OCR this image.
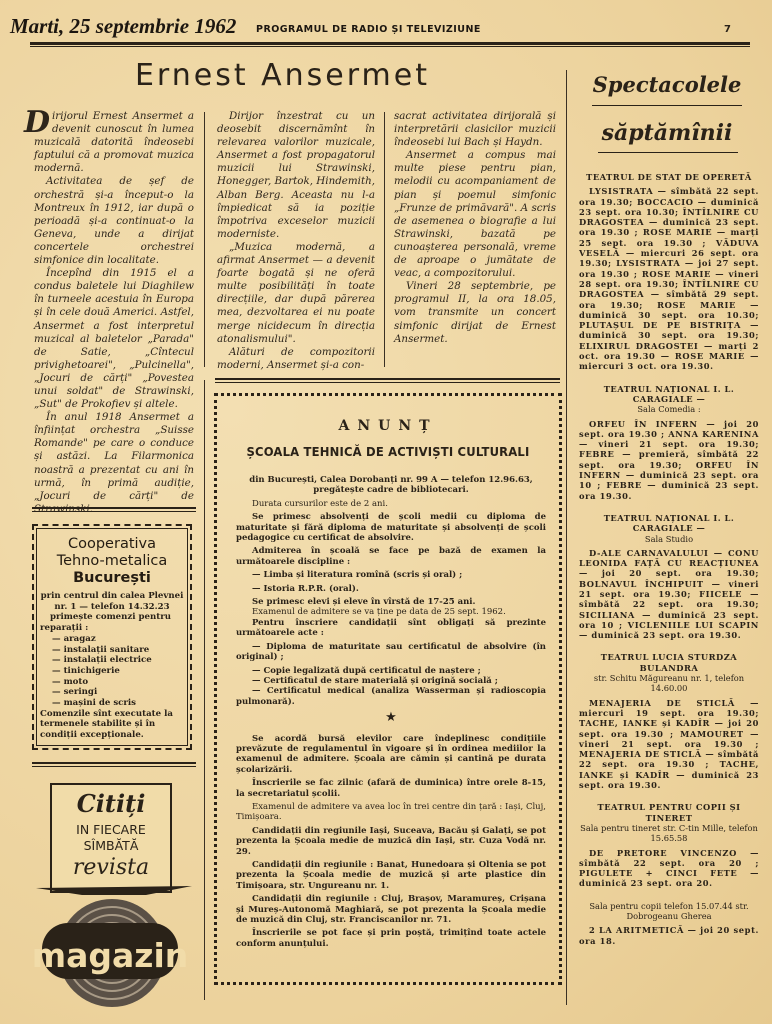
Marti, 25 septembrie 1962 PROGRAMUL DE RADIO ȘI TELEVIZIUNE	7
Ernest Ansermet

Dirijorul Ernest Ansermet a devenit cunoscut în lumea muzicală datorită îndeosebi faptului că a promovat muzica modernă.

Activitatea de șef de orchestră și-a început-o la Montreux în 1912, iar după o perioadă și-a continuat-o la Geneva, unde a dirijat concertele orchestrei simfonice din localitate.

Începînd din 1915 el a condus baletele lui Diaghilew în turneele acestuia în Europa și în cele două Americi. Astfel, Ansermet a fost interpretul muzical al baletelor „Parada" de Satie, „Cîntecul privighetoarei", „Pulcinella", „Jocuri de cărți" „Povestea unui soldat" de Strawinski, „Sut" de Prokofiev și altele.

În anul 1918 Ansermet a înființat orchestra „Suisse Romande" pe care o conduce și astăzi. La Filarmonica noastră a prezentat cu ani în urmă, în primă audiție, „Jocuri de cărți" de Strawinski.

Dirijor înzestrat cu un deosebit discernămînt în relevarea valorilor muzicale, Ansermet a fost propagatorul muzicii lui Strawinski, Honegger, Bartok, Hindemith, Alban Berg. Aceasta nu l-a împiedicat să ia poziție împotriva exceselor muzicii moderniste.

„Muzica modernă, a afirmat Ansermet — a devenit foarte bogată și ne oferă multe posibilități în toate direcțiile, dar după părerea mea, dezvoltarea ei nu poate merge nicidecum în direcția atonalismului".

Alături de compozitorii moderni, Ansermet și-a con-

sacrat activitatea dirijorală și interpretării clasicilor muzicii îndeosebi lui Bach și Haydn.

Ansermet a compus mai multe piese pentru pian, melodii cu acompaniament de pian și poemul simfonic „Frunze de primăvară". A scris de asemenea o biografie a lui Strawinski, bazată pe cunoașterea personală, vreme de aproape o jumătate de veac, a compozitorului.

Vineri 28 septembrie, pe programul II, la ora 18.05, vom transmite un concert simfonic dirijat de Ernest Ansermet.

Cooperativa
Tehno-metalica
București
prin centrul din calea Plevnei
nr. 1 — telefon 14.32.23
primește comenzi pentru reparații :
— aragaz
— instalații sanitare
— instalații electrice
— tinichigerie
— moto
— seringi
— mașini de scris
Comenzile sînt executate la termenele stabilite și în condiții excepționale.
Citiți
IN FIECARE
SÎMBĂTĂ
revista
magazin
ANUNȚ
ȘCOALA TEHNICĂ DE ACTIVIȘTI CULTURALI

din București, Calea Dorobanți nr. 99 A — telefon 12.96.63, pregătește cadre de bibliotecari.

Durata cursurilor este de 2 ani.

Se primesc absolvenți de școli medii cu diploma de maturitate și fără diploma de maturitate și absolvenți de școli pedagogice cu certificat de absolvire.

Admiterea în școală se face pe bază de examen la următoarele discipline :

— Limba și literatura romînă (scris și oral) ;

— Istoria R.P.R. (oral).

Se primesc elevi și eleve în vîrstă de 17-25 ani.

Examenul de admitere se va ține pe data de 25 sept. 1962.

Pentru înscriere candidații sînt obligați să prezinte următoarele acte :

— Diploma de maturitate sau certificatul de absolvire (în original) ;

— Copie legalizată după certificatul de naștere ;

— Certificatul de stare materială și origină socială ;

— Certificatul medical (analiza Wasserman și radioscopia pulmonară).

★

Se acordă bursă elevilor care îndeplinesc condițiile prevăzute de regulamentul în vigoare și în ordinea mediilor la examenul de admitere. Școala are cămin și cantină pe durata școlarizării.

Înscrierile se fac zilnic (afară de duminica) între orele 8-15, la secretariatul școlii.

Examenul de admitere va avea loc în trei centre din țară : Iași, Cluj, Timișoara.

Candidații din regiunile Iași, Suceava, Bacău și Galați, se pot prezenta la Școala medie de muzică din Iași, str. Cuza Vodă nr. 29.

Candidații din regiunile : Banat, Hunedoara și Oltenia se pot prezenta la Școala medie de muzică și arte plastice din Timișoara, str. Ungureanu nr. 1.

Candidații din regiunile : Cluj, Brașov, Maramureș, Crișana și Mureș-Autonomă Maghiară, se pot prezenta la Școala medie de muzică din Cluj, str. Franciscanilor nr. 71.

Înscrierile se pot face și prin poștă, trimițînd toate actele conform anunțului.

Spectacolele
săptămînii
TEATRUL DE STAT DE OPERETĂ
LYSISTRATA — sîmbătă 22 sept. ora 19.30; BOCCACIO — duminică 23 sept. ora 10.30; ÎNTÎLNIRE CU DRAGOSTEA — duminică 23 sept. ora 19.30 ; ROSE MARIE — marți 25 sept. ora 19.30 ; VĂDUVA VESELĂ — miercuri 26 sept. ora 19.30; LYSISTRATA — joi 27 sept. ora 19.30 ; ROSE MARIE — vineri 28 sept. ora 19.30; ÎNTÎLNIRE CU DRAGOSTEA — sîmbătă 29 sept. ora 19.30; ROSE MARIE — duminică 30 sept. ora 10.30; PLUTAȘUL DE PE BISTRIȚA — duminică 30 sept. ora 19.30; ELIXIRUL DRAGOSTEI — marți 2 oct. ora 19.30 — ROSE MARIE — miercuri 3 oct. ora 19.30.
TEATRUL NAȚIONAL I. L. CARAGIALE —
Sala Comedia :
ORFEU ÎN INFERN — joi 20 sept. ora 19.30 ; ANNA KARENINA — vineri 21 sept. ora 19.30; FEBRE — premieră, sîmbătă 22 sept. ora 19.30; ORFEU ÎN INFERN — duminică 23 sept. ora 10 ; FEBRE — duminică 23 sept. ora 19.30.
TEATRUL NAȚIONAL I. L. CARAGIALE —
Sala Studio
D-ALE CARNAVALULUI — CONU LEONIDA FAȚĂ CU REACȚIUNEA — joi 20 sept. ora 19.30; BOLNAVUL ÎNCHIPUIT — vineri 21 sept. ora 19.30; FIICELE — sîmbătă 22 sept. ora 19.30; SICILIANA — duminică 23 sept. ora 10 ; VICLENIILE LUI SCAPIN — duminică 23 sept. ora 19.30.
TEATRUL LUCIA STURDZA BULANDRA
str. Schitu Măgureanu nr. 1, telefon 14.60.00
MENAJERIA DE STICLĂ — miercuri 19 sept. ora 19.30; TACHE, IANKE și KADÎR — joi 20 sept. ora 19.30 ; MAMOURET — vineri 21 sept. ora 19.30 ; MENAJERIA DE STICLĂ — sîmbătă 22 sept. ora 19.30 ; TACHE, IANKE și KADÎR — duminică 23 sept. ora 19.30.
TEATRUL PENTRU COPII ȘI TINERET
Sala pentru tineret str. C-tin Mille, telefon 15.65.58
DE PRETORE VINCENZO — sîmbătă 22 sept. ora 20 ; PIGULETE + CINCI FETE — duminică 23 sept. ora 20.
Sala pentru copii telefon 15.07.44 str. Dobrogeanu Gherea
2 LA ARITMETICĂ — joi 20 sept. ora 18.
